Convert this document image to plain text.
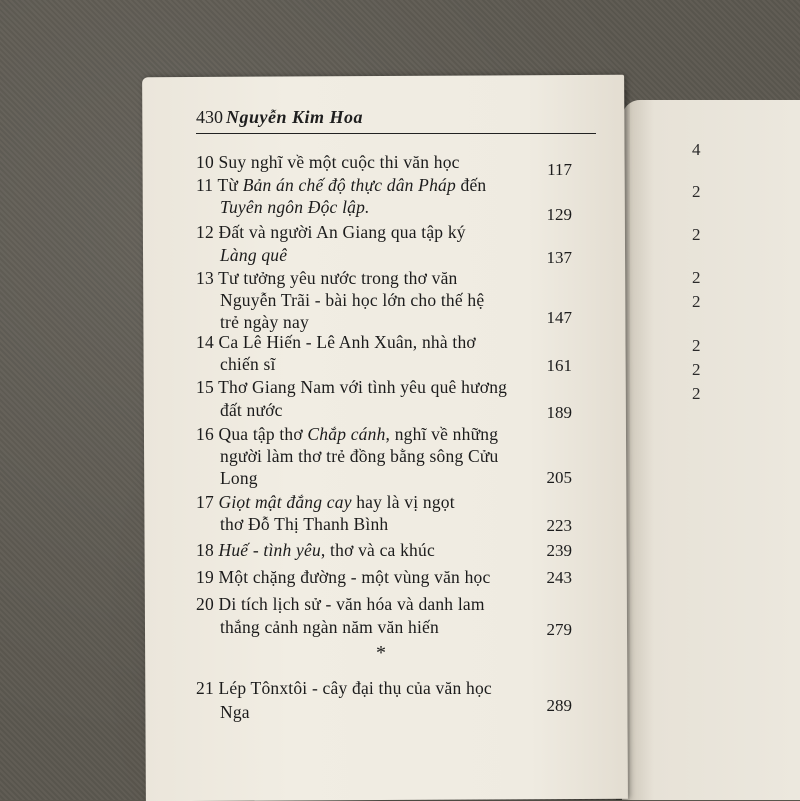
430 Nguyễn Kim Hoa
10 Suy nghĩ về một cuộc thi văn học	117
11 Từ Bản án chế độ thực dân Pháp đến
Tuyên ngôn Độc lập.	129
12 Đất và người An Giang qua tập ký
Làng quê	137
13 Tư tưởng yêu nước trong thơ văn
Nguyễn Trãi - bài học lớn cho thế hệ
trẻ ngày nay	147
14 Ca Lê Hiến - Lê Anh Xuân, nhà thơ
chiến sĩ	161
15 Thơ Giang Nam với tình yêu quê hương
đất nước	189
16 Qua tập thơ Chắp cánh, nghĩ về những
người làm thơ trẻ đồng bằng sông Cửu
Long	205
17 Giọt mật đắng cay hay là vị ngọt
thơ Đỗ Thị Thanh Bình	223
18 Huế - tình yêu, thơ và ca khúc	239
19 Một chặng đường - một vùng văn học	243
20 Di tích lịch sử - văn hóa và danh lam
thắng cảnh ngàn năm văn hiến	279
*
21 Lép Tônxtôi - cây đại thụ của văn học
Nga	289
4
2
2
2
2
2
2
2
